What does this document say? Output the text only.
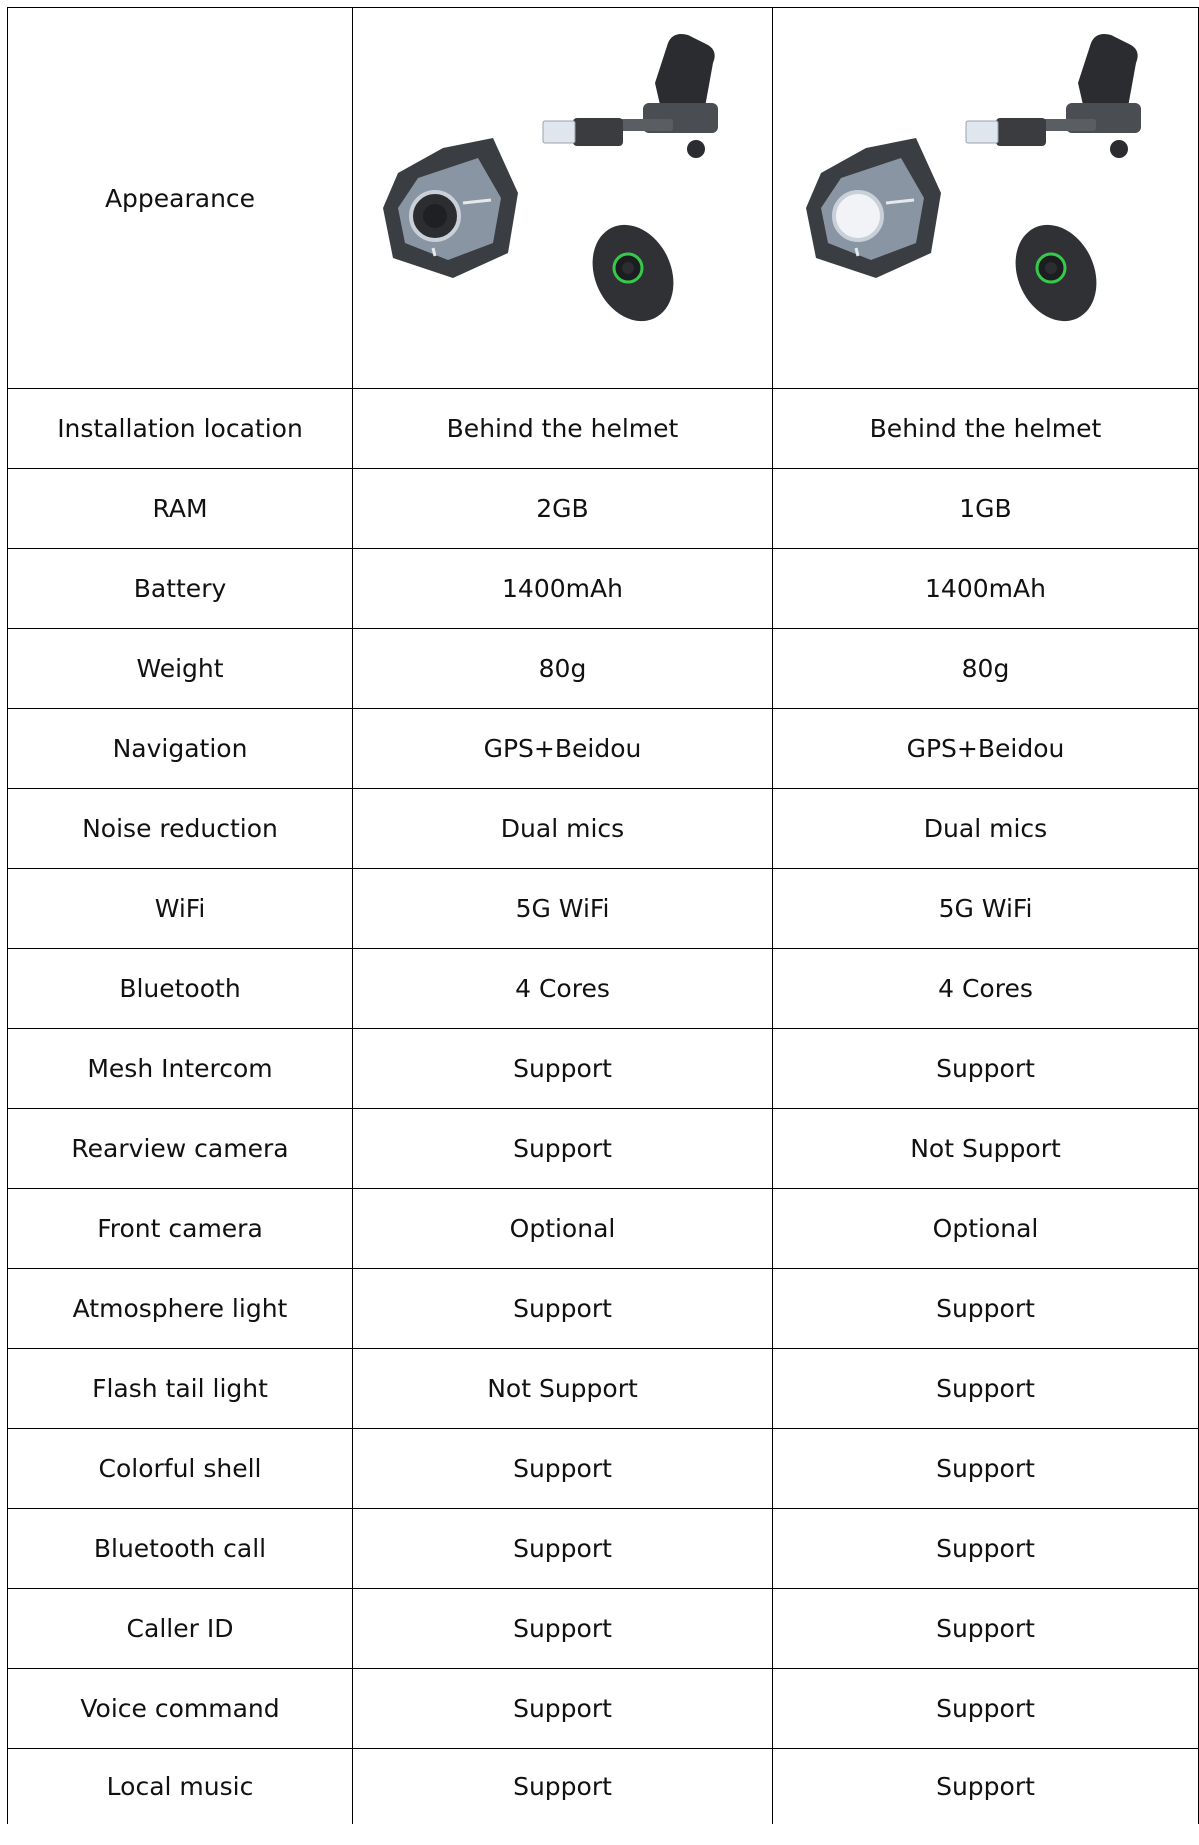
Appearance	

Installation location	Behind the helmet	Behind the helmet
RAM	2GB	1GB
Battery	1400mAh	1400mAh
Weight	80g	80g
Navigation	GPS+Beidou	GPS+Beidou
Noise reduction	Dual mics	Dual mics
WiFi	5G WiFi	5G WiFi
Bluetooth	4 Cores	4 Cores
Mesh Intercom	Support	Support
Rearview camera	Support	Not Support
Front camera	Optional	Optional
Atmosphere light	Support	Support
Flash tail light	Not Support	Support
Colorful shell	Support	Support
Bluetooth call	Support	Support
Caller ID	Support	Support
Voice command	Support	Support
Local music	Support	Support
